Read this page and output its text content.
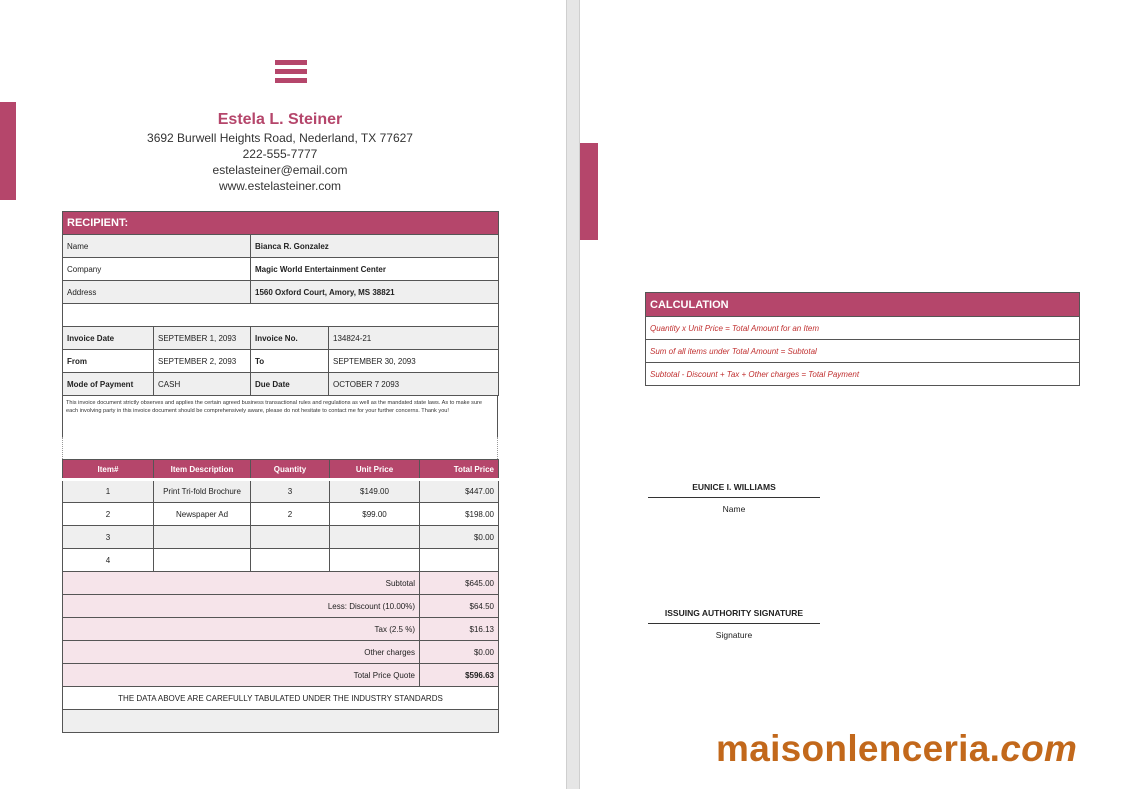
Estela L. Steiner
3692 Burwell Heights Road, Nederland, TX 77627
222-555-7777
estelasteiner@email.com
www.estelasteiner.com
RECIPIENT:			
Name		Bianca R. Gonzalez	
Company		Magic World Entertainment Center	
Address		1560 Oxford Court, Amory, MS 38821	

Invoice Date	SEPTEMBER 1, 2093	Invoice No.	134824-21
From	SEPTEMBER 2, 2093	To	SEPTEMBER 30, 2093
Mode of Payment	CASH	Due Date	OCTOBER 7 2093
This invoice document strictly observes and applies the certain agreed business transactional rules and regulations as well as the mandated state laws. As to make sure each involving party in this invoice document should be comprehensively aware, please do not hesitate to contact me for your further concerns. Thank you!
Item#	Item Description	Quantity	Unit Price	Total Price
1	Print Tri-fold Brochure	3	$149.00	$447.00
2	Newspaper Ad	2	$99.00	$198.00
3				$0.00
4				
Subtotal				$645.00
Less: Discount (10.00%)				$64.50
Tax (2.5 %)				$16.13
Other charges				$0.00
Total Price Quote				$596.63
THE DATA ABOVE ARE CAREFULLY TABULATED UNDER THE INDUSTRY STANDARDS				

CALCULATION
Quantity x Unit Price = Total Amount for an Item
Sum of all items under Total Amount = Subtotal
Subtotal - Discount + Tax + Other charges = Total Payment
EUNICE I. WILLIAMS
Name
ISSUING AUTHORITY SIGNATURE
Signature
maisonlenceria.com
